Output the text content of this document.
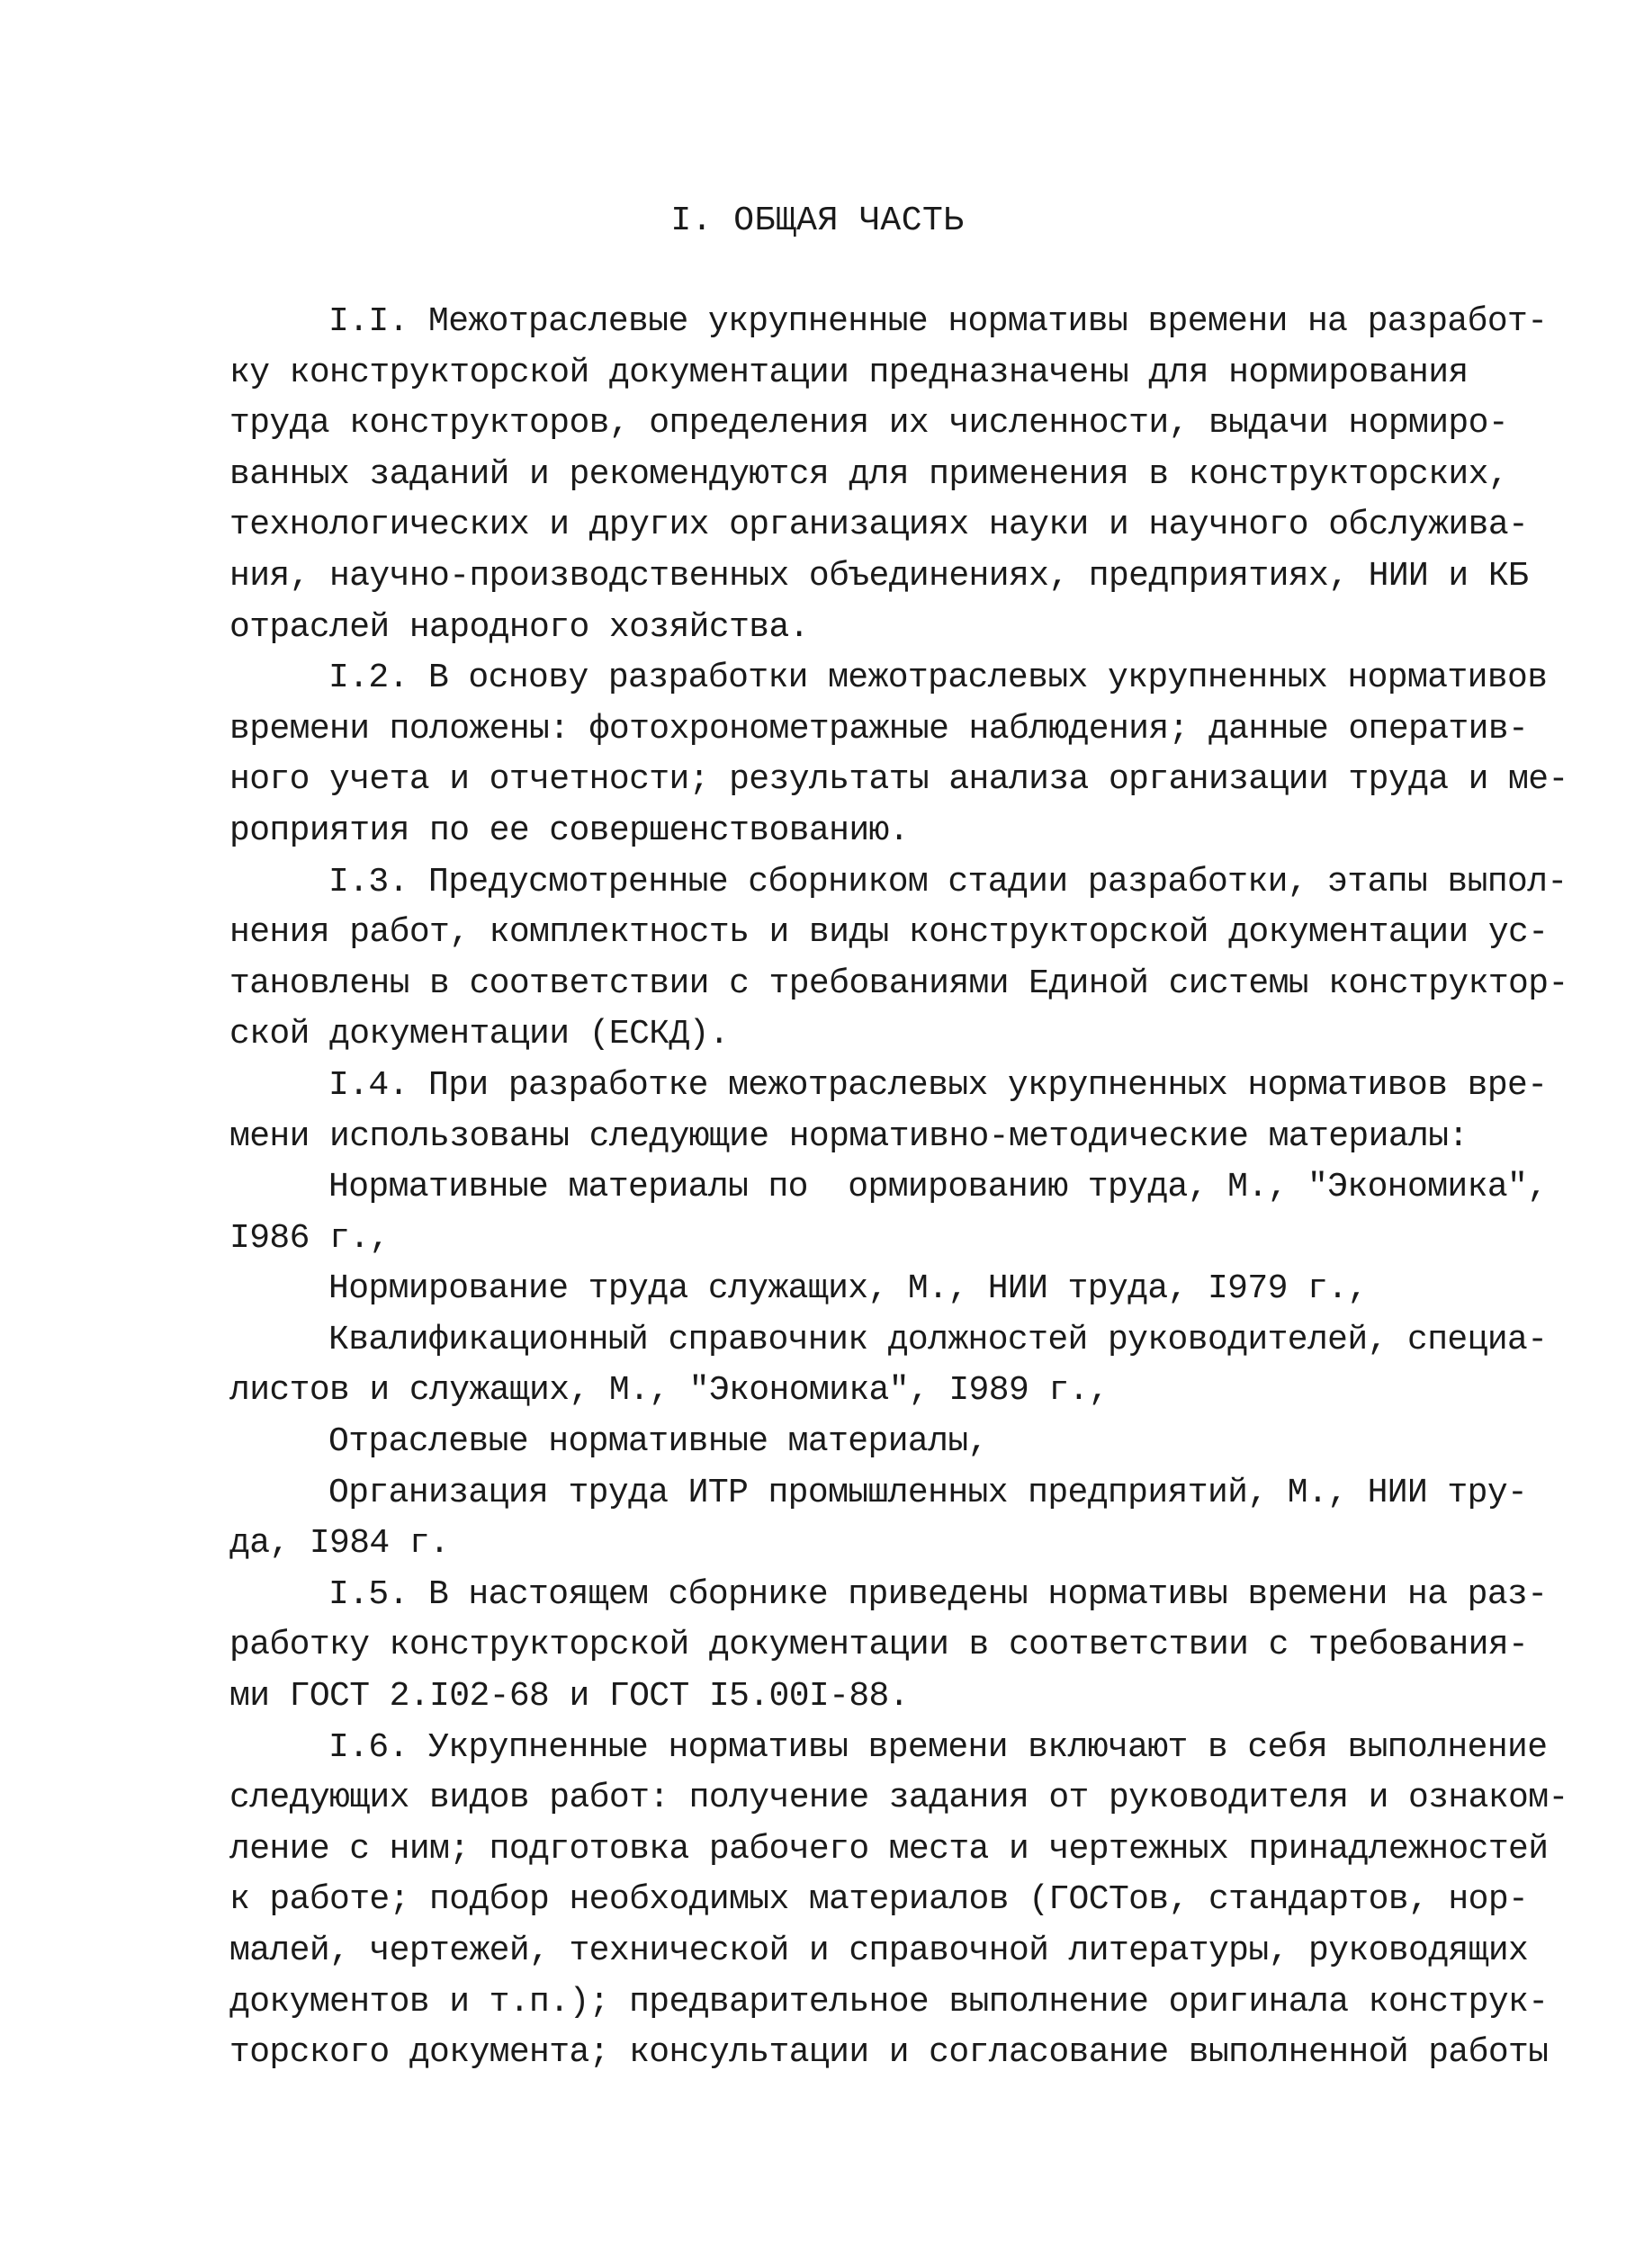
I. ОБЩАЯ ЧАСТЬ
I.I. Межотраслевые укрупненные нормативы времени на разработ-
ку конструкторской документации предназначены для нормирования
труда конструкторов, определения их численности, выдачи нормиро-
ванных заданий и рекомендуются для применения в конструкторских,
технологических и других организациях науки и научного обслужива-
ния, научно-производственных объединениях, предприятиях, НИИ и КБ
отраслей народного хозяйства.
I.2. В основу разработки межотраслевых укрупненных нормативов
времени положены: фотохронометражные наблюдения; данные оператив-
ного учета и отчетности; результаты анализа организации труда и ме-
роприятия по ее совершенствованию.
I.3. Предусмотренные сборником стадии разработки, этапы выпол-
нения работ, комплектность и виды конструкторской документации ус-
тановлены в соответствии с требованиями Единой системы конструктор-
ской документации (ЕСКД).
I.4. При разработке межотраслевых укрупненных нормативов вре-
мени использованы следующие нормативно-методические материалы:
Нормативные материалы по  ормированию труда, М., "Экономика",
I986 г.,
Нормирование труда служащих, М., НИИ труда, I979 г.,
Квалификационный справочник должностей руководителей, специа-
листов и служащих, М., "Экономика", I989 г.,
Отраслевые нормативные материалы,
Организация труда ИТР промышленных предприятий, М., НИИ тру-
да, I984 г.
I.5. В настоящем сборнике приведены нормативы времени на раз-
работку конструкторской документации в соответствии с требования-
ми ГОСТ 2.I02-68 и ГОСТ I5.00I-88.
I.6. Укрупненные нормативы времени включают в себя выполнение
следующих видов работ: получение задания от руководителя и ознаком-
ление с ним; подготовка рабочего места и чертежных принадлежностей
к работе; подбор необходимых материалов (ГОСТов, стандартов, нор-
малей, чертежей, технической и справочной литературы, руководящих
документов и т.п.); предварительное выполнение оригинала конструк-
торского документа; консультации и согласование выполненной работы
